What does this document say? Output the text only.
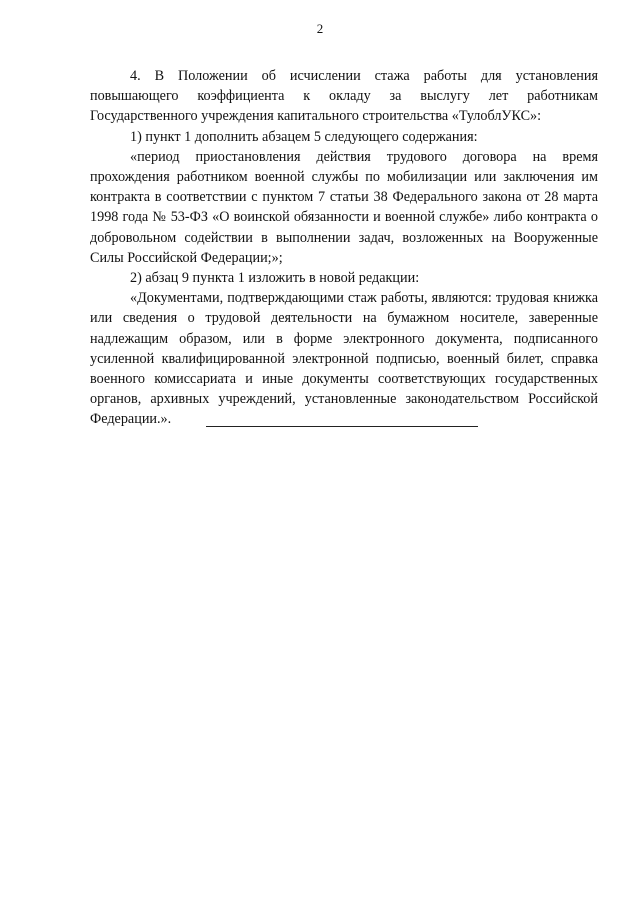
2

4. В Положении об исчислении стажа работы для установления повышающего коэффициента к окладу за выслугу лет работникам Государственного учреждения капитального строительства «ТулоблУКС»:

1) пункт 1 дополнить абзацем 5 следующего содержания:

«период приостановления действия трудового договора на время прохождения работником военной службы по мобилизации или заключения им контракта в соответствии с пунктом 7 статьи 38 Федерального закона от 28 марта 1998 года № 53-ФЗ «О воинской обязанности и военной службе» либо контракта о добровольном содействии в выполнении задач, возложенных на Вооруженные Силы Российской Федерации;»;

2) абзац 9 пункта 1 изложить в новой редакции:

«Документами, подтверждающими стаж работы, являются: трудовая книжка или сведения о трудовой деятельности на бумажном носителе, заверенные надлежащим образом, или в форме электронного документа, подписанного усиленной квалифицированной электронной подписью, военный билет, справка военного комиссариата и иные документы соответствующих государственных органов, архивных учреждений, установленные законодательством Российской Федерации.».
